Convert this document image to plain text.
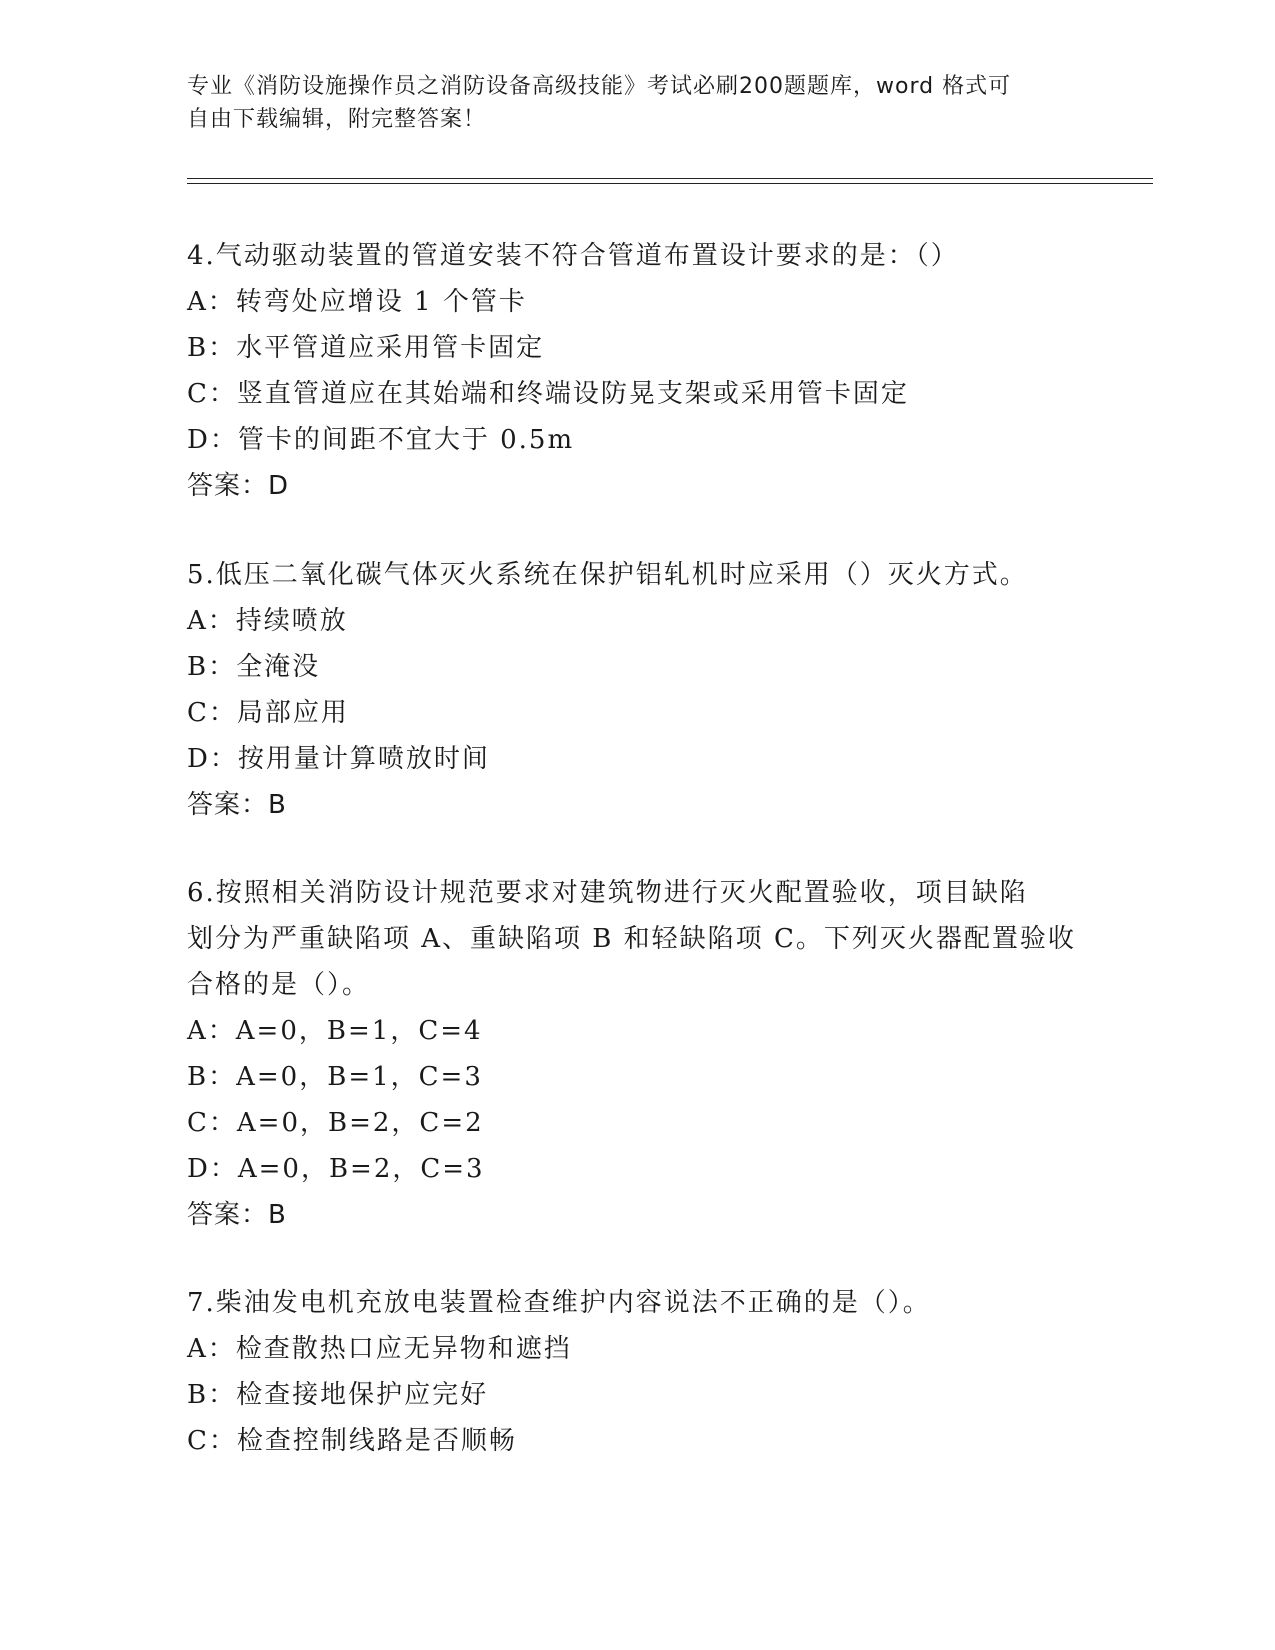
专业《消防设施操作员之消防设备高级技能》考试必刷200题题库，word 格式可
自由下载编辑，附完整答案！
4.气动驱动装置的管道安装不符合管道布置设计要求的是：（）
A：转弯处应增设 1 个管卡
B：水平管道应采用管卡固定
C：竖直管道应在其始端和终端设防晃支架或采用管卡固定
D：管卡的间距不宜大于 0.5m
答案：D
5.低压二氧化碳气体灭火系统在保护铝轧机时应采用（）灭火方式。
A：持续喷放
B：全淹没
C：局部应用
D：按用量计算喷放时间
答案：B
6.按照相关消防设计规范要求对建筑物进行灭火配置验收，项目缺陷
划分为严重缺陷项 A、重缺陷项 B 和轻缺陷项 C。下列灭火器配置验收
合格的是（）。
A：A=0，B=1，C=4
B：A=0，B=1，C=3
C：A=0，B=2，C=2
D：A=0，B=2，C=3
答案：B
7.柴油发电机充放电装置检查维护内容说法不正确的是（）。
A：检查散热口应无异物和遮挡
B：检查接地保护应完好
C：检查控制线路是否顺畅
